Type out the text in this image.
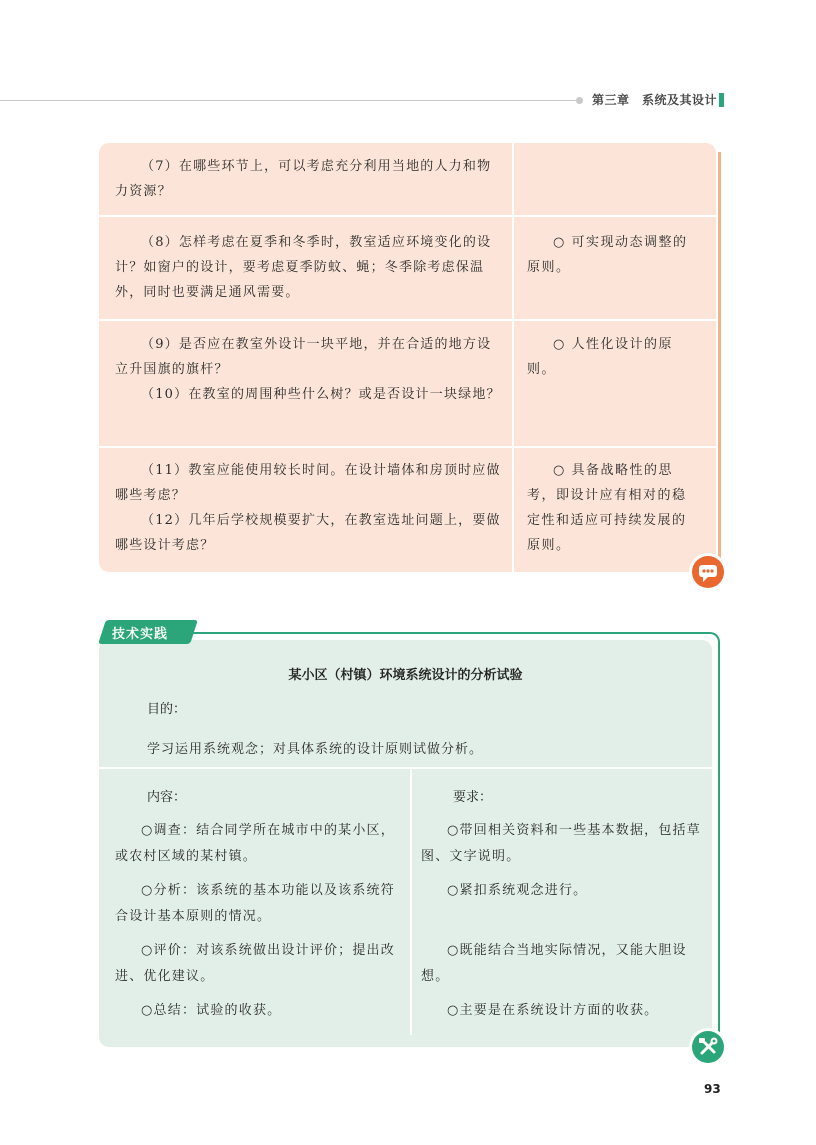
第三章　系统及其设计

（7）在哪些环节上，可以考虑充分利用当地的人力和物力资源？

（8）怎样考虑在夏季和冬季时，教室适应环境变化的设计？如窗户的设计，要考虑夏季防蚊、蝇；冬季除考虑保温外，同时也要满足通风需要。

○ 可实现动态调整的原则。

（9）是否应在教室外设计一块平地，并在合适的地方设立升国旗的旗杆？

（10）在教室的周围种些什么树？或是否设计一块绿地？

○ 人性化设计的原则。

（11）教室应能使用较长时间。在设计墙体和房顶时应做哪些考虑？

（12）几年后学校规模要扩大，在教室选址问题上，要做哪些设计考虑？

○ 具备战略性的思考，即设计应有相对的稳定性和适应可持续发展的原则。

某小区（村镇）环境系统设计的分析试验
目的：
学习运用系统观念；对具体系统的设计原则试做分析。
内容：	要求：

○调查：结合同学所在城市中的某小区，或农村区域的某村镇。

○分析：该系统的基本功能以及该系统符合设计基本原则的情况。

○评价：对该系统做出设计评价；提出改进、优化建议。

○总结：试验的收获。

○带回相关资料和一些基本数据，包括草图、文字说明。

○紧扣系统观念进行。

○既能结合当地实际情况，又能大胆设想。

○主要是在系统设计方面的收获。

技术实践
93
